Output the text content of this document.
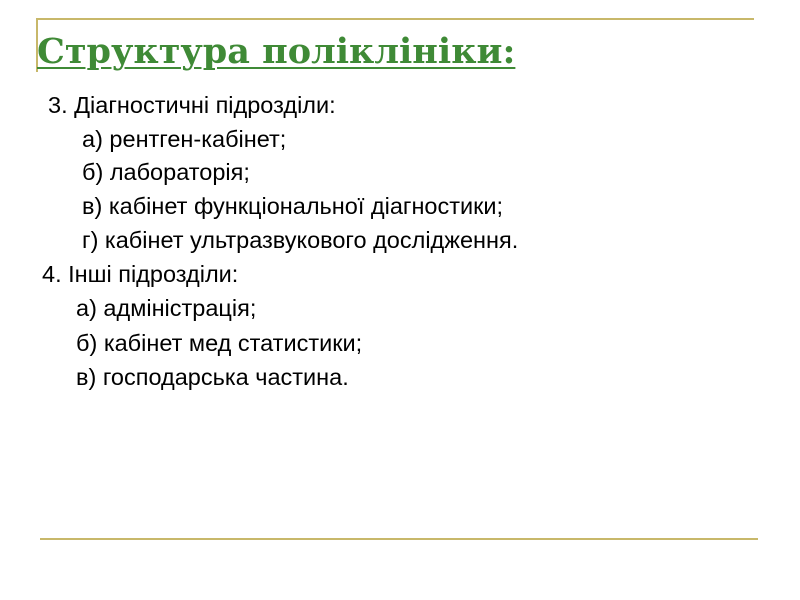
Структура поліклініки:

3. Діагностичні підрозділи:

а) рентген-кабінет;

б) лабораторія;

в) кабінет функціональної діагностики;

г) кабінет ультразвукового дослідження.

4. Інші підрозділи:

а) адміністрація;

б) кабінет мед статистики;

в) господарська частина.
